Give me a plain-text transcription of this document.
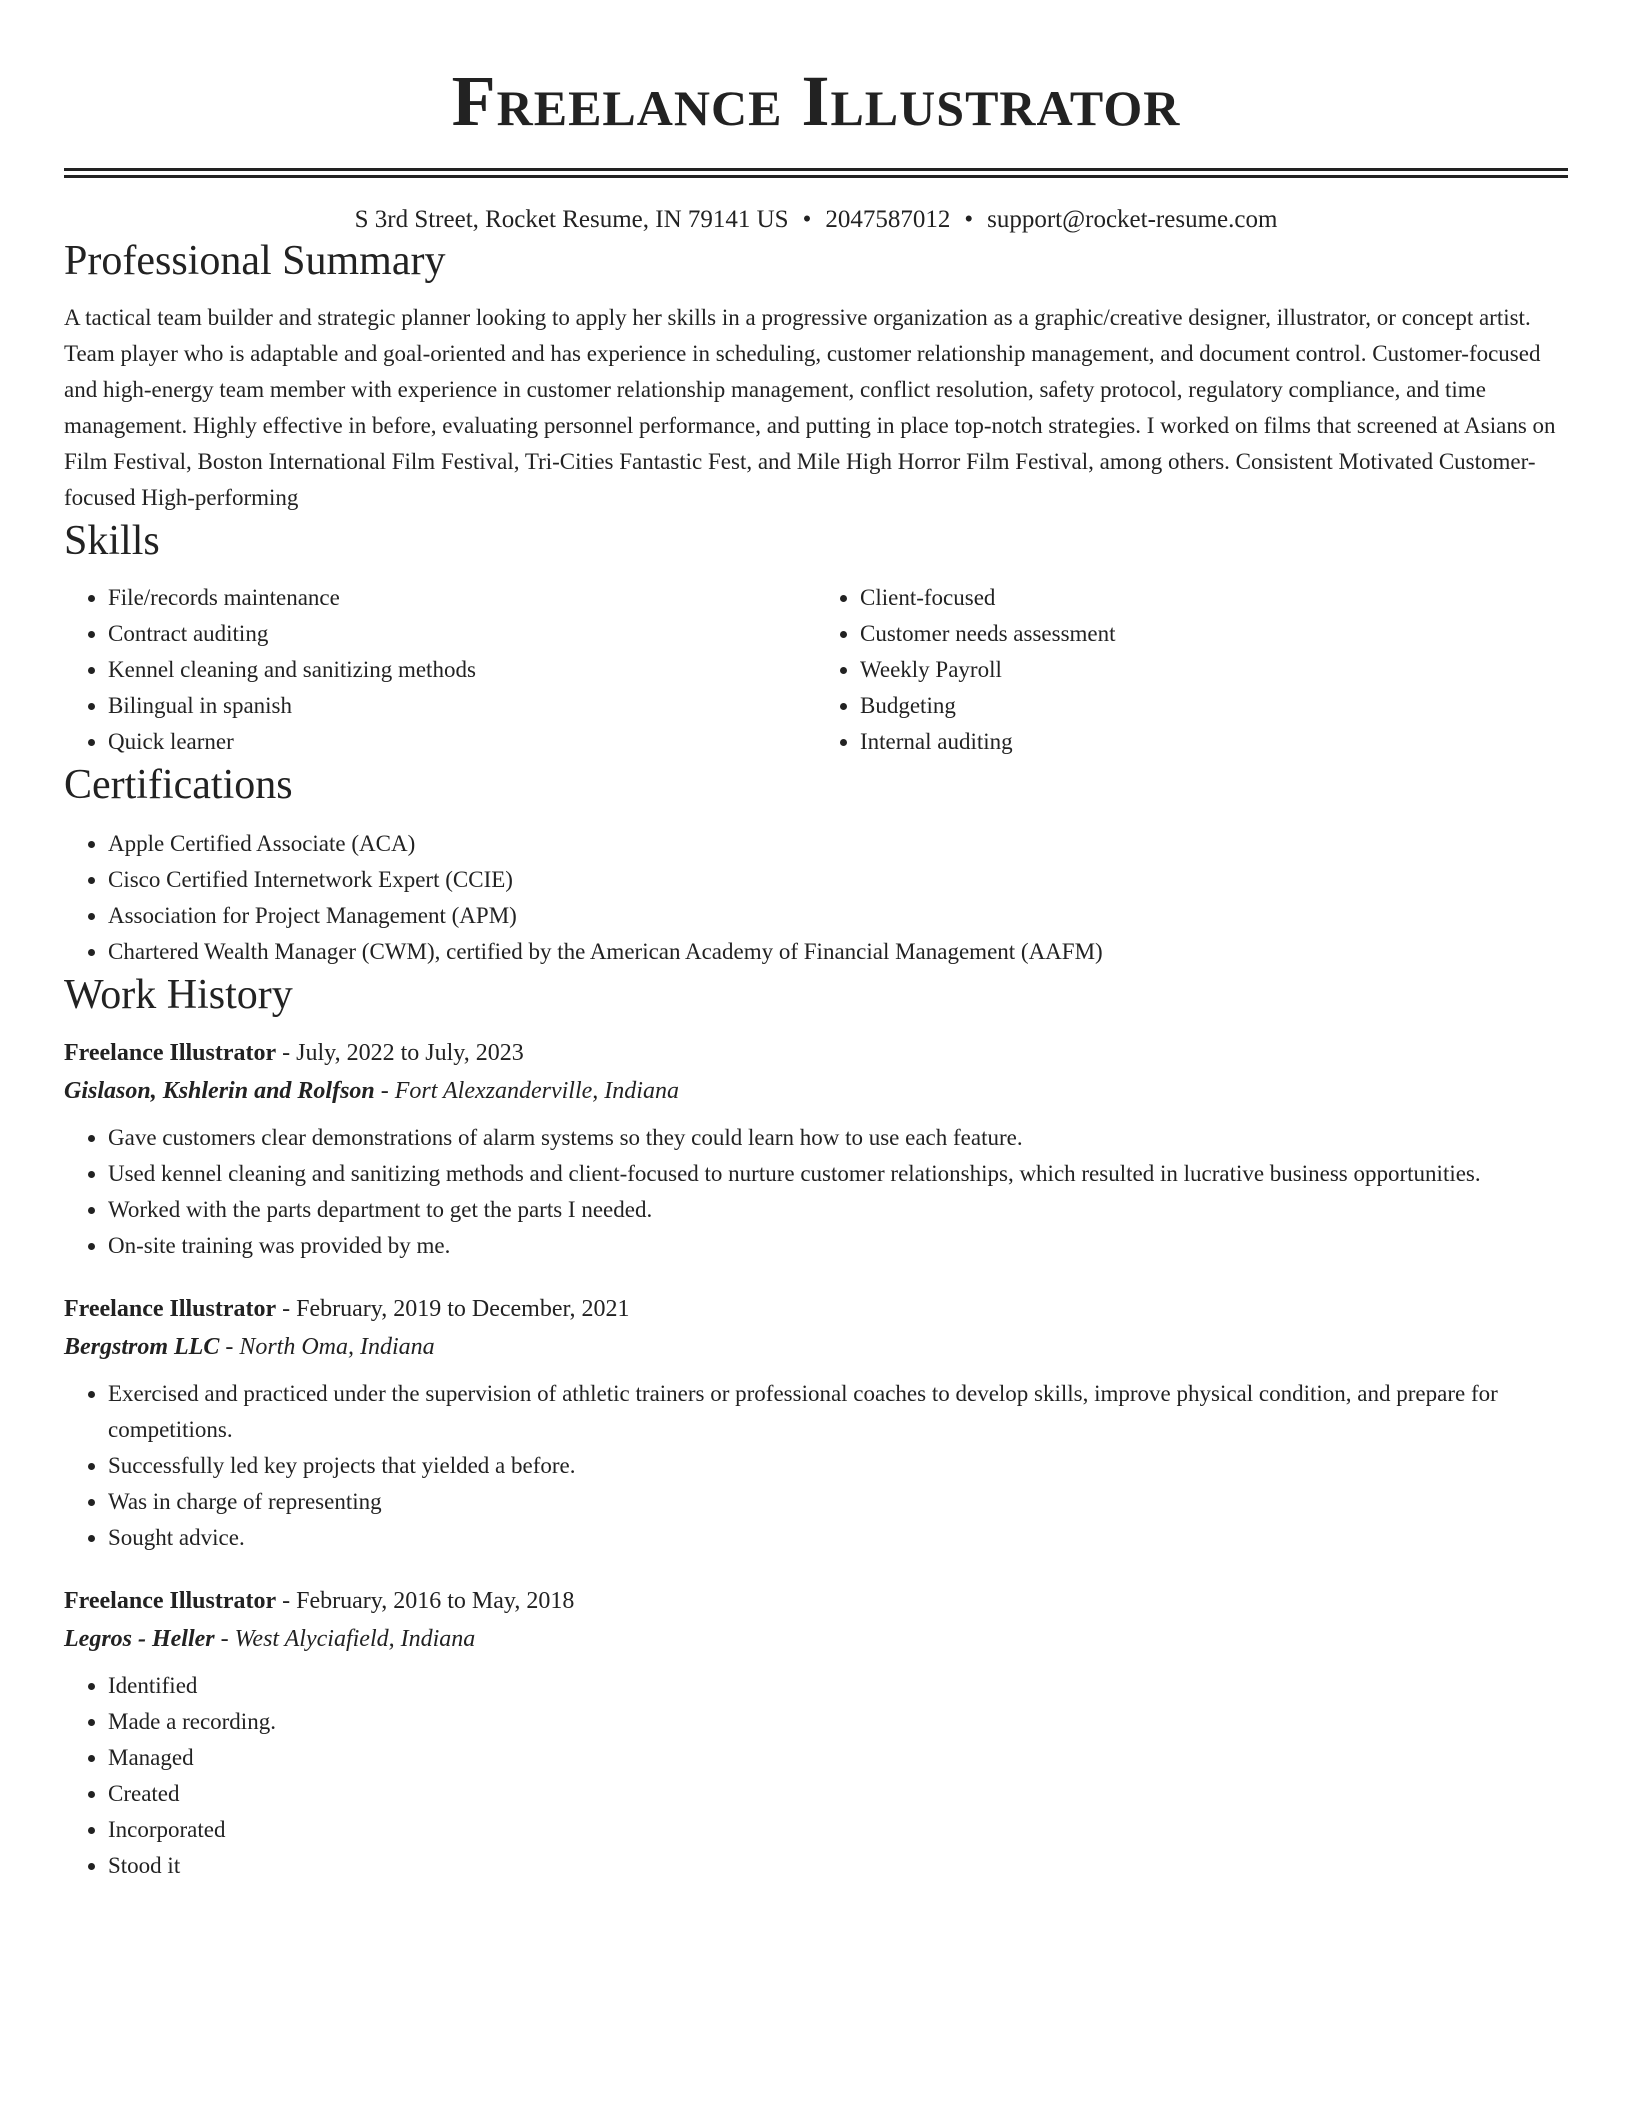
Freelance Illustrator
S 3rd Street, Rocket Resume, IN 79141 US • 2047587012 • support@rocket-resume.com
Professional Summary

A tactical team builder and strategic planner looking to apply her skills in a progressive organization as a graphic/creative designer, illustrator, or concept artist. Team player who is adaptable and goal-oriented and has experience in scheduling, customer relationship management, and document control. Customer-focused and high-energy team member with experience in customer relationship management, conflict resolution, safety protocol, regulatory compliance, and time management. Highly effective in before, evaluating personnel performance, and putting in place top-notch strategies. I worked on films that screened at Asians on Film Festival, Boston International Film Festival, Tri-Cities Fantastic Fest, and Mile High Horror Film Festival, among others. Consistent Motivated Customer-focused High-performing

Skills
• File/records maintenance
• Contract auditing
• Kennel cleaning and sanitizing methods
• Bilingual in spanish
• Quick learner
• Client-focused
• Customer needs assessment
• Weekly Payroll
• Budgeting
• Internal auditing
Certifications
• Apple Certified Associate (ACA)
• Cisco Certified Internetwork Expert (CCIE)
• Association for Project Management (APM)
• Chartered Wealth Manager (CWM), certified by the American Academy of Financial Management (AAFM)
Work History
Freelance Illustrator - July, 2022 to July, 2023
Gislason, Kshlerin and Rolfson - Fort Alexzanderville, Indiana
• Gave customers clear demonstrations of alarm systems so they could learn how to use each feature.
• Used kennel cleaning and sanitizing methods and client-focused to nurture customer relationships, which resulted in lucrative business opportunities.
• Worked with the parts department to get the parts I needed.
• On-site training was provided by me.
Freelance Illustrator - February, 2019 to December, 2021
Bergstrom LLC - North Oma, Indiana
• Exercised and practiced under the supervision of athletic trainers or professional coaches to develop skills, improve physical condition, and prepare for competitions.
• Successfully led key projects that yielded a before.
• Was in charge of representing
• Sought advice.
Freelance Illustrator - February, 2016 to May, 2018
Legros - Heller - West Alyciafield, Indiana
• Identified
• Made a recording.
• Managed
• Created
• Incorporated
• Stood it
